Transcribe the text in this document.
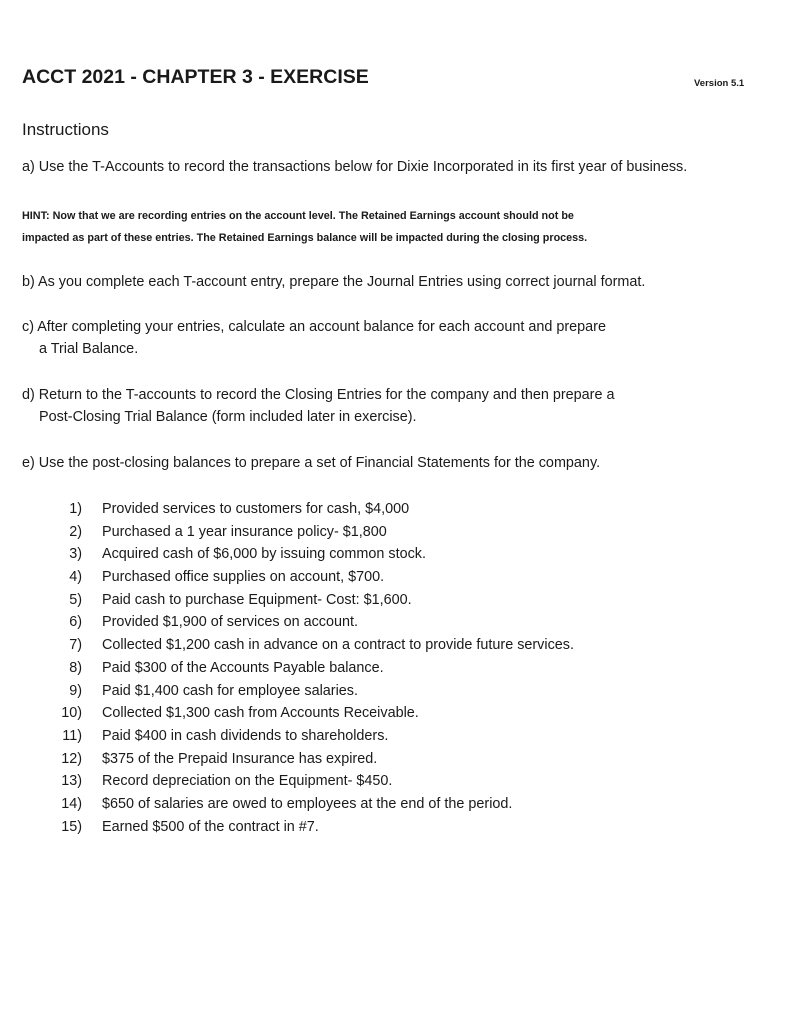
ACCT 2021 - CHAPTER 3 - EXERCISE	Version 5.1
Instructions
a) Use the T-Accounts to record the transactions below for Dixie Incorporated in its first year of business.
HINT: Now that we are recording entries on the account level. The Retained Earnings account should not be
impacted as part of these entries. The Retained Earnings balance will be impacted during the closing process.
b) As you complete each T-account entry, prepare the Journal Entries using correct journal format.
c) After completing your entries, calculate an account balance for each account and prepare
a Trial Balance.
d) Return to the T-accounts to record the Closing Entries for the company and then prepare a
Post-Closing Trial Balance (form included later in exercise).
e) Use the post-closing balances to prepare a set of Financial Statements for the company.
1) Provided services to customers for cash, $4,000
2) Purchased a 1 year insurance policy- $1,800
3) Acquired cash of $6,000 by issuing common stock.
4) Purchased office supplies on account, $700.
5) Paid cash to purchase Equipment- Cost: $1,600.
6) Provided $1,900 of services on account.
7) Collected $1,200 cash in advance on a contract to provide future services.
8) Paid $300 of the Accounts Payable balance.
9) Paid $1,400 cash for employee salaries.
10) Collected $1,300 cash from Accounts Receivable.
11) Paid $400 in cash dividends to shareholders.
12) $375 of the Prepaid Insurance has expired.
13) Record depreciation on the Equipment- $450.
14) $650 of salaries are owed to employees at the end of the period.
15) Earned $500 of the contract in #7.
